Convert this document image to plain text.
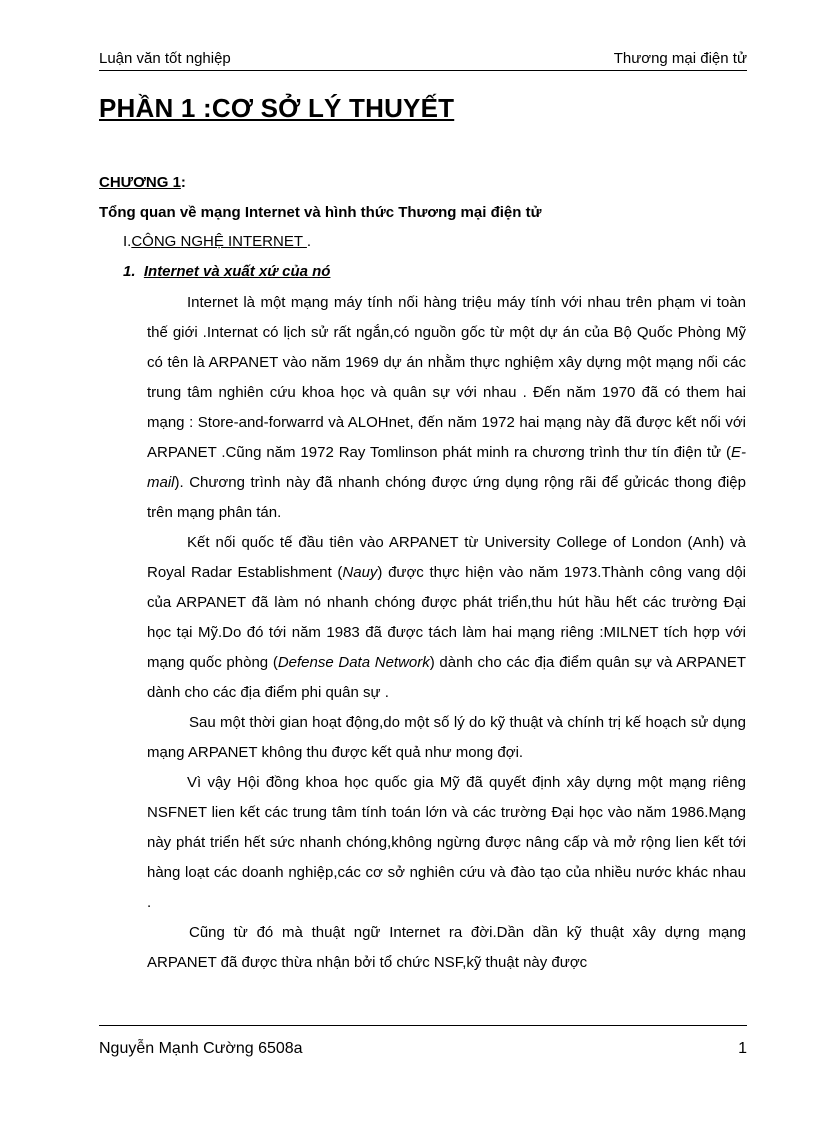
Luận văn tốt nghiệp	Thương mại điện tử
PHẦN 1 :CƠ SỞ LÝ THUYẾT
CHƯƠNG 1:
Tổng quan về mạng Internet và hình thức Thương mại điện tử
I.CÔNG NGHỆ INTERNET .
1. Internet và xuất xứ của nó

Internet là một mạng máy tính nối hàng triệu máy tính với nhau trên phạm vi toàn thế giới .Internat có lịch sử rất ngắn,có nguồn gốc từ một dự án của Bộ Quốc Phòng Mỹ có tên là ARPANET vào năm 1969 dự án nhằm thực nghiệm xây dựng một mạng nối các trung tâm nghiên cứu khoa học và quân sự với nhau . Đến năm 1970 đã có them hai mạng : Store-and-forwarrd và ALOHnet, đến năm 1972 hai mạng này đã được kết nối với ARPANET .Cũng năm 1972 Ray Tomlinson phát minh ra chương trình thư tín điện tử (E-mail). Chương trình này đã nhanh chóng được ứng dụng rộng rãi để gửicác thong điệp trên mạng phân tán.

Kết nối quốc tế đầu tiên vào ARPANET từ University College of London (Anh) và Royal Radar Establishment (Nauy) được thực hiện vào năm 1973.Thành công vang dội của ARPANET đã làm nó nhanh chóng được phát triển,thu hút hầu hết các trường Đại học tại Mỹ.Do đó tới năm 1983 đã được tách làm hai mạng riêng :MILNET tích hợp với mạng quốc phòng (Defense Data Network) dành cho các địa điểm quân sự và ARPANET dành cho các địa điểm phi quân sự .

Sau một thời gian hoạt động,do một số lý do kỹ thuật và chính trị kế hoạch sử dụng mạng ARPANET không thu được kết quả như mong đợi.

Vì vậy Hội đồng khoa học quốc gia Mỹ đã quyết định xây dựng một mạng riêng NSFNET lien kết các trung tâm tính toán lớn và các trường Đại học vào năm 1986.Mạng này phát triển hết sức nhanh chóng,không ngừng được nâng cấp và mở rộng lien kết tới hàng loạt các doanh nghiệp,các cơ sở nghiên cứu và đào tạo của nhiều nước khác nhau .

Cũng từ đó mà thuật ngữ Internet ra đời.Dần dần kỹ thuật xây dựng mạng ARPANET đã được thừa nhận bởi tổ chức NSF,kỹ thuật này được

Nguyễn Mạnh Cường 6508a	1
